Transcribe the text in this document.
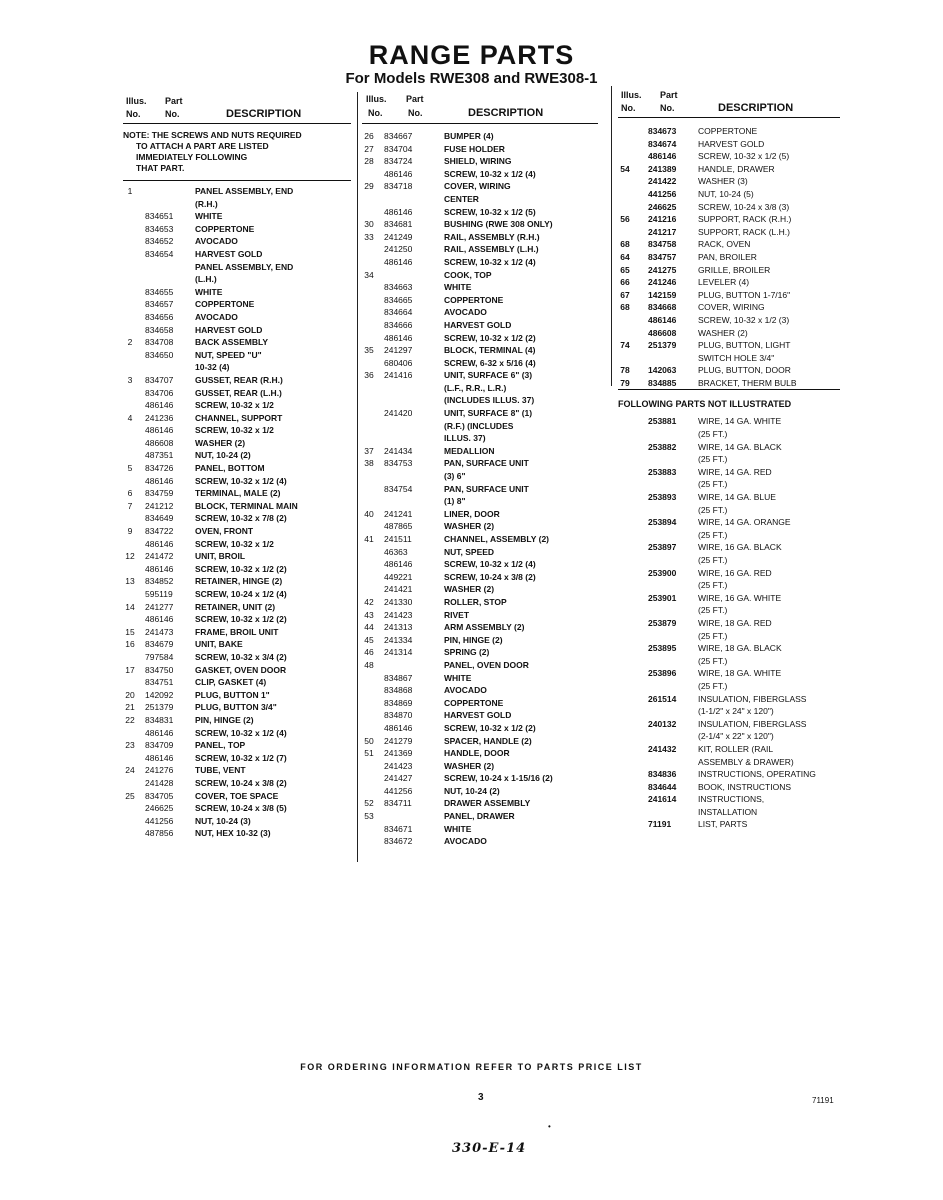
RANGE PARTS
For Models RWE308 and RWE308-1
Illus. Part
No.	No.	DESCRIPTION
NOTE: THE SCREWS AND NUTS REQUIRED
TO ATTACH A PART ARE LISTED
IMMEDIATELY FOLLOWING
THAT PART.
1	PANEL ASSEMBLY, END
(R.H.)
834651	WHITE
834653	COPPERTONE
834652	AVOCADO
834654	HARVEST GOLD
PANEL ASSEMBLY, END
(L.H.)
834655	WHITE
834657	COPPERTONE
834656	AVOCADO
834658	HARVEST GOLD
2	834708	BACK ASSEMBLY
834650	NUT, SPEED "U"
10-32 (4)
3	834707	GUSSET, REAR (R.H.)
834706	GUSSET, REAR (L.H.)
486146	SCREW, 10-32 x 1/2
4	241236	CHANNEL, SUPPORT
486146	SCREW, 10-32 x 1/2
486608	WASHER (2)
487351	NUT, 10-24 (2)
5	834726	PANEL, BOTTOM
486146	SCREW, 10-32 x 1/2 (4)
6	834759	TERMINAL, MALE (2)
7	241212	BLOCK, TERMINAL MAIN
834649	SCREW, 10-32 x 7/8 (2)
9	834722	OVEN, FRONT
486146	SCREW, 10-32 x 1/2
12 241472	UNIT, BROIL
486146	SCREW, 10-32 x 1/2 (2)
13 834852	RETAINER, HINGE (2)
595119	SCREW, 10-24 x 1/2 (4)
14 241277	RETAINER, UNIT (2)
486146	SCREW, 10-32 x 1/2 (2)
15 241473	FRAME, BROIL UNIT
16 834679	UNIT, BAKE
797584	SCREW, 10-32 x 3/4 (2)
17 834750	GASKET, OVEN DOOR
834751	CLIP, GASKET (4)
20 142092	PLUG, BUTTON 1"
21 251379	PLUG, BUTTON 3/4"
22 834831	PIN, HINGE (2)
486146	SCREW, 10-32 x 1/2 (4)
23 834709	PANEL, TOP
486146	SCREW, 10-32 x 1/2 (7)
24 241276	TUBE, VENT
241428	SCREW, 10-24 x 3/8 (2)
25 834705	COVER, TOE SPACE
246625	SCREW, 10-24 x 3/8 (5)
441256	NUT, 10-24 (3)
487856	NUT, HEX 10-32 (3)
Illus. Part
No.	No.	DESCRIPTION
26 834667	BUMPER (4)
27 834704	FUSE HOLDER
28 834724	SHIELD, WIRING
486146	SCREW, 10-32 x 1/2 (4)
29 834718	COVER, WIRING
CENTER
486146	SCREW, 10-32 x 1/2 (5)
30 834681	BUSHING (RWE 308 ONLY)
33 241249	RAIL, ASSEMBLY (R.H.)
241250	RAIL, ASSEMBLY (L.H.)
486146	SCREW, 10-32 x 1/2 (4)
34	COOK, TOP
834663	WHITE
834665	COPPERTONE
834664	AVOCADO
834666	HARVEST GOLD
486146	SCREW, 10-32 x 1/2 (2)
35 241297	BLOCK, TERMINAL (4)
680406	SCREW, 6-32 x 5/16 (4)
36 241416	UNIT, SURFACE 6" (3)
(L.F., R.R., L.R.)
(INCLUDES ILLUS. 37)
241420	UNIT, SURFACE 8" (1)
(R.F.) (INCLUDES
ILLUS. 37)
37 241434	MEDALLION
38 834753	PAN, SURFACE UNIT
(3) 6"
834754	PAN, SURFACE UNIT
(1) 8"
40 241241	LINER, DOOR
487865	WASHER (2)
41 241511	CHANNEL, ASSEMBLY (2)
46363	NUT, SPEED
486146	SCREW, 10-32 x 1/2 (4)
449221	SCREW, 10-24 x 3/8 (2)
241421	WASHER (2)
42 241330	ROLLER, STOP
43 241423	RIVET
44 241313	ARM ASSEMBLY (2)
45 241334	PIN, HINGE (2)
46 241314	SPRING (2)
48	PANEL, OVEN DOOR
834867	WHITE
834868	AVOCADO
834869	COPPERTONE
834870	HARVEST GOLD
486146	SCREW, 10-32 x 1/2 (2)
50 241279	SPACER, HANDLE (2)
51 241369	HANDLE, DOOR
241423	WASHER (2)
241427	SCREW, 10-24 x 1-15/16 (2)
441256	NUT, 10-24 (2)
52 834711	DRAWER ASSEMBLY
53	PANEL, DRAWER
834671	WHITE
834672	AVOCADO
Illus. Part
No.	No.	DESCRIPTION
834673	COPPERTONE
834674	HARVEST GOLD
486146	SCREW, 10-32 x 1/2 (5)
54 241389	HANDLE, DRAWER
241422	WASHER (3)
441256	NUT, 10-24 (5)
246625	SCREW, 10-24 x 3/8 (3)
56 241216	SUPPORT, RACK (R.H.)
241217	SUPPORT, RACK (L.H.)
68 834758	RACK, OVEN
64 834757	PAN, BROILER
65 241275	GRILLE, BROILER
66 241246	LEVELER (4)
67 142159	PLUG, BUTTON 1-7/16"
68 834668	COVER, WIRING
486146	SCREW, 10-32 x 1/2 (3)
486608	WASHER (2)
74 251379	PLUG, BUTTON, LIGHT
SWITCH HOLE 3/4"
78 142063	PLUG, BUTTON, DOOR
79 834885	BRACKET, THERM BULB
FOLLOWING PARTS NOT ILLUSTRATED
253881	WIRE, 14 GA. WHITE
(25 FT.)
253882	WIRE, 14 GA. BLACK
(25 FT.)
253883	WIRE, 14 GA. RED
(25 FT.)
253893	WIRE, 14 GA. BLUE
(25 FT.)
253894	WIRE, 14 GA. ORANGE
(25 FT.)
253897	WIRE, 16 GA. BLACK
(25 FT.)
253900	WIRE, 16 GA. RED
(25 FT.)
253901	WIRE, 16 GA. WHITE
(25 FT.)
253879	WIRE, 18 GA. RED
(25 FT.)
253895	WIRE, 18 GA. BLACK
(25 FT.)
253896	WIRE, 18 GA. WHITE
(25 FT.)
261514	INSULATION, FIBERGLASS
(1-1/2" x 24" x 120")
240132	INSULATION, FIBERGLASS
(2-1/4" x 22" x 120")
241432	KIT, ROLLER (RAIL
ASSEMBLY & DRAWER)
834836	INSTRUCTIONS, OPERATING
834644	BOOK, INSTRUCTIONS
241614	INSTRUCTIONS,
INSTALLATION
71191	LIST, PARTS
FOR ORDERING INFORMATION REFER TO PARTS PRICE LIST
3	71191
330-E-14
•
